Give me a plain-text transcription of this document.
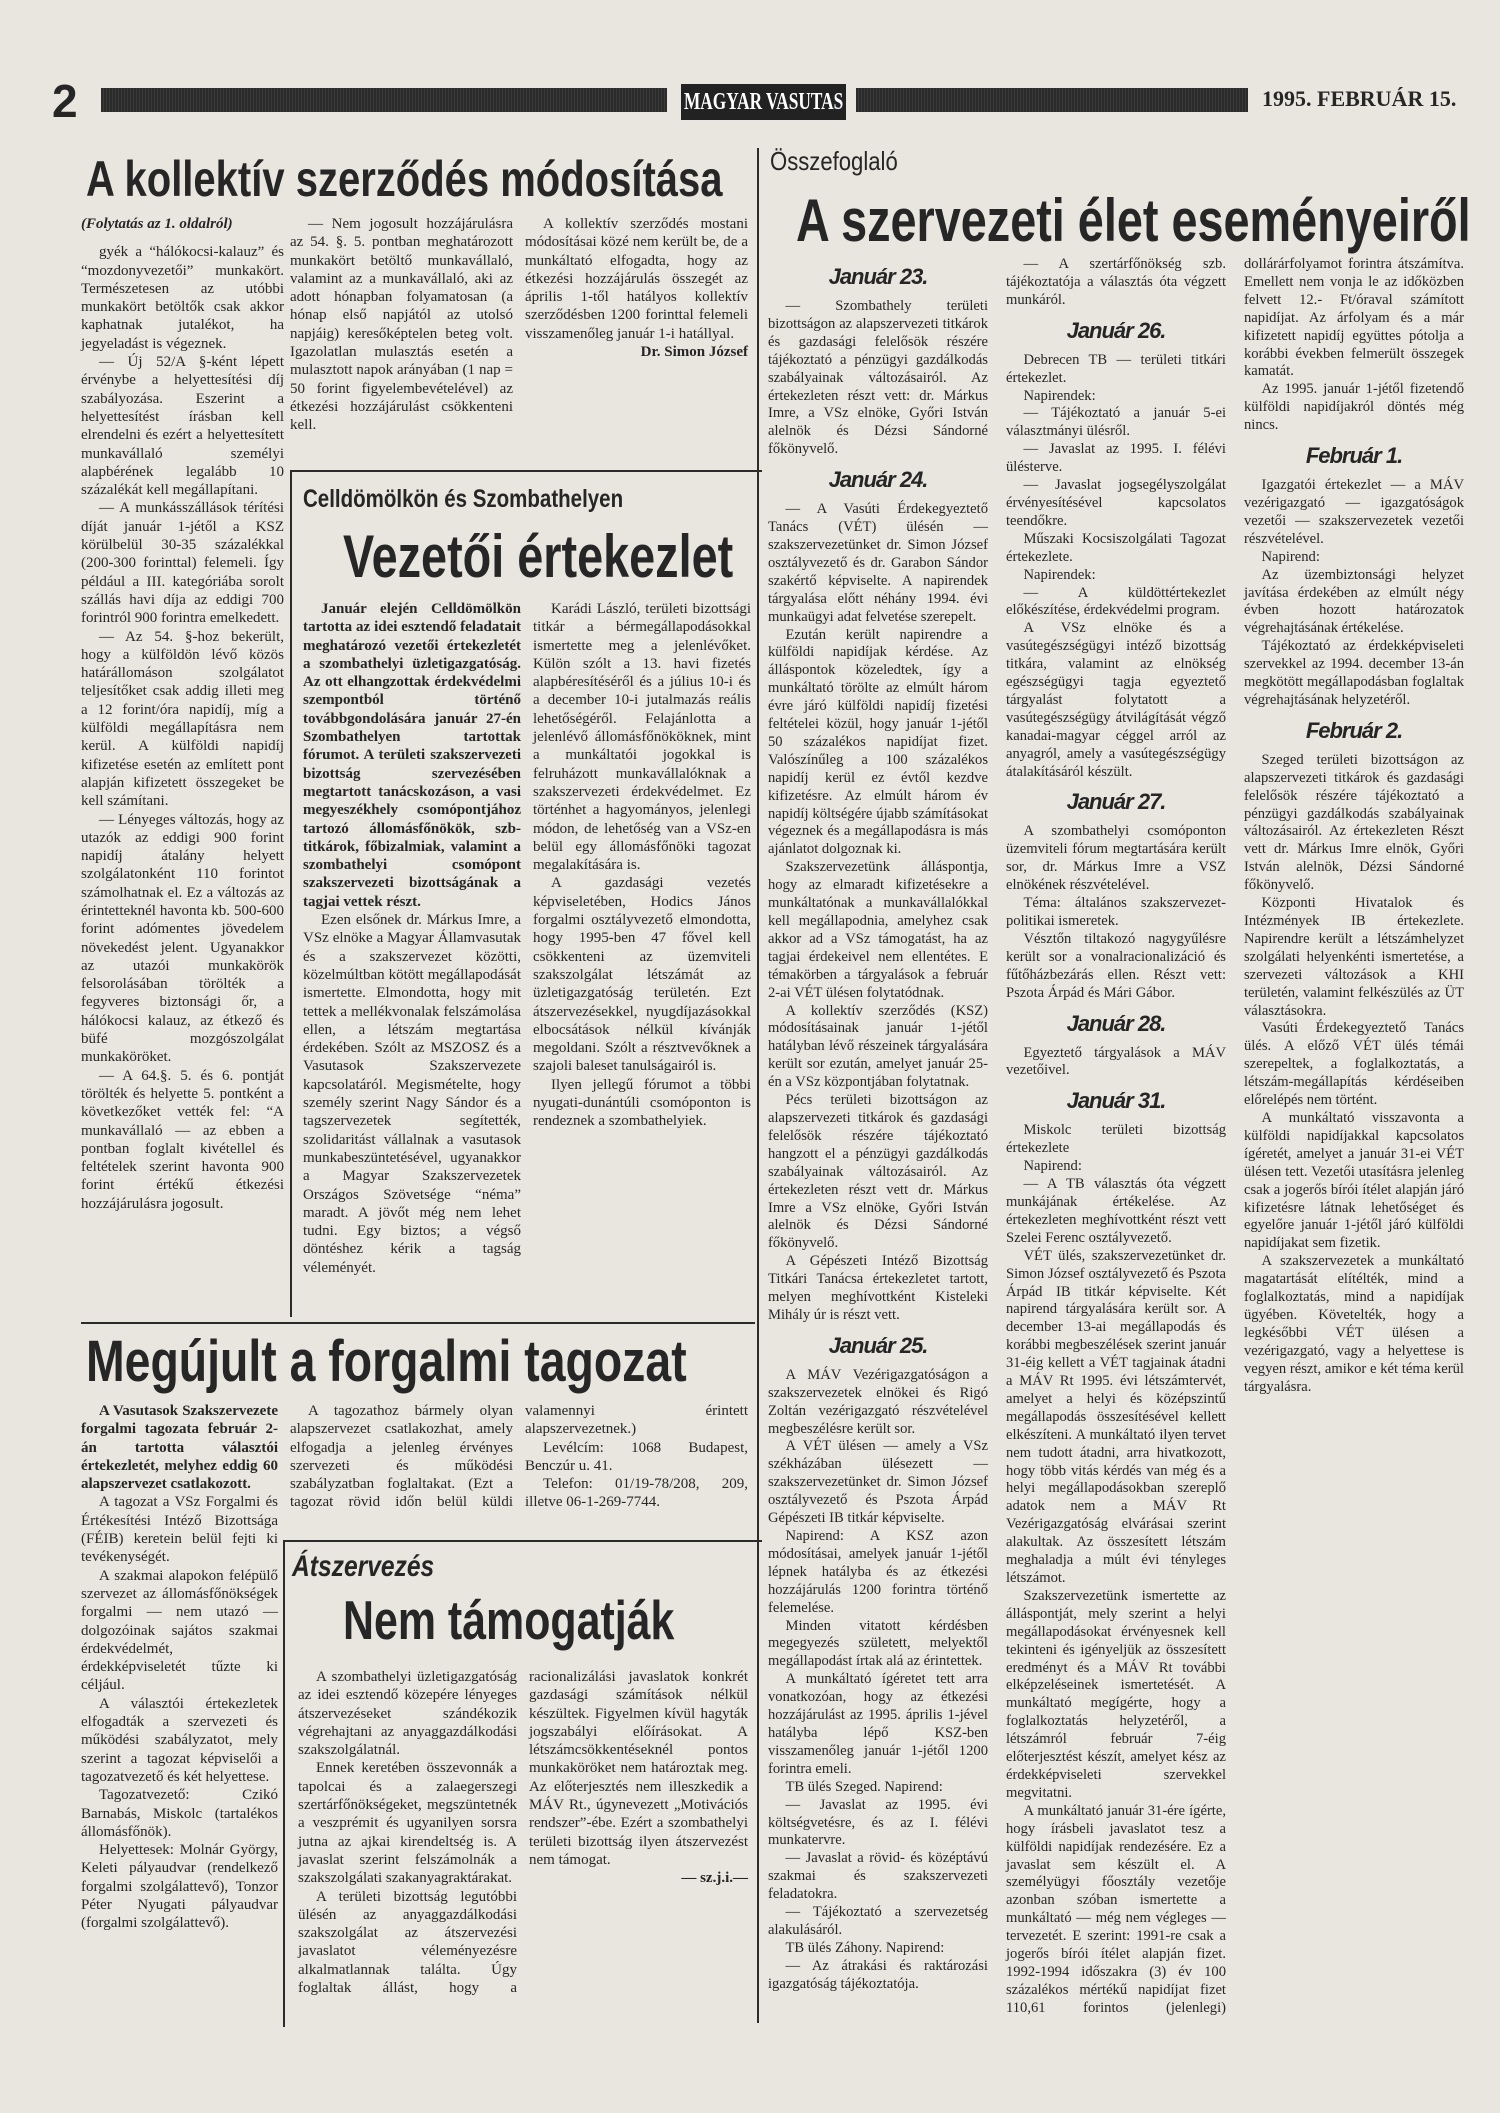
2	MAGYAR VASUTAS	1995. FEBRUÁR 15.
A kollektív szerződés módosítása

(Folytatás az 1. oldalról)

gyék a “hálókocsi-kalauz” és “mozdonyvezetői” munkakört. Természetesen az utóbbi munkakört betöltők csak akkor kaphatnak jutalékot, ha jegyeladást is végeznek.

— Új 52/A §-ként lépett érvénybe a helyettesítési díj szabályozása. Eszerint a helyettesítést írásban kell elrendelni és ezért a helyettesített munkavállaló személyi alapbérének legalább 10 százalékát kell megállapítani.

— A munkásszállások térítési díját január 1-jétől a KSZ körülbelül 30-35 százalékkal (200-300 forinttal) felemeli. Így például a III. kategóriába sorolt szállás havi díja az eddigi 700 forintról 900 forintra emelkedett.

— Az 54. §-hoz bekerült, hogy a külföldön lévő közös határállomáson szolgálatot teljesítőket csak addig illeti meg a 12 forint/óra napidíj, míg a külföldi megállapításra nem kerül. A külföldi napidíj kifizetése esetén az említett pont alapján kifizetett összegeket be kell számítani.

— Lényeges változás, hogy az utazók az eddigi 900 forint napidíj átalány helyett szolgálatonként 110 forintot számolhatnak el. Ez a változás az érintetteknél havonta kb. 500-600 forint adómentes jövedelem növekedést jelent. Ugyanakkor az utazói munkakörök felsorolásában törölték a fegyveres biztonsági őr, a hálókocsi kalauz, az étkező és büfé mozgószolgálat munkaköröket.

— A 64.§. 5. és 6. pontját törölték és helyette 5. pontként a következőket vették fel: “A munkavállaló — az ebben a pontban foglalt kivétellel és feltételek szerint havonta 900 forint értékű étkezési hozzájárulásra jogosult.

— Nem jogosult hozzájárulásra az 54. §. 5. pontban meghatározott munkakört betöltő munkavállaló, valamint az a munkavállaló, aki az adott hónapban folyamatosan (a hónap első napjától az utolsó napjáig) keresőképtelen beteg volt. Igazolatlan mulasztás esetén a mulasztott napok arányában (1 nap = 50 forint figyelembevételével) az étkezési hozzájárulást csökkenteni kell.

A kollektív szerződés mostani módosításai közé nem került be, de a munkáltató elfogadta, hogy az étkezési hozzájárulás összegét az április 1-től hatályos kollektív szerződésben 1200 forinttal felemeli visszamenőleg január 1-i hatállyal.

Dr. Simon József

Celldömölkön és Szombathelyen
Vezetői értekezlet

Január elején Celldömölkön tartotta az idei esztendő feladatait meghatározó vezetői értekezletét a szombathelyi üzletigazgatóság. Az ott elhangzottak érdekvédelmi szempontból történő továbbgondolására január 27-én Szombathelyen tartottak fórumot. A területi szakszervezeti bizottság szervezésében megtartott tanácskozáson, a vasi megyeszékhely csomópontjához tartozó állomásfőnökök, szb-titkárok, főbizalmiak, valamint a szombathelyi csomópont szakszervezeti bizottságának a tagjai vettek részt.

Ezen elsőnek dr. Márkus Imre, a VSz elnöke a Magyar Államvasutak és a szakszervezet közötti, közelmúltban kötött megállapodását ismertette. Elmondotta, hogy mit tettek a mellékvonalak felszámolása ellen, a létszám megtartása érdekében. Szólt az MSZOSZ és a Vasutasok Szakszervezete kapcsolatáról. Megismételte, hogy személy szerint Nagy Sándor és a tagszervezetek segítették, szolidaritást vállalnak a vasutasok munkabeszüntetésével, ugyanakkor a Magyar Szakszervezetek Országos Szövetsége “néma” maradt. A jövőt még nem lehet tudni. Egy biztos; a végső döntéshez kérik a tagság véleményét.

Karádi László, területi bizottsági titkár a bérmegállapodásokkal ismertette meg a jelenlévőket. Külön szólt a 13. havi fizetés alapbéresítéséről és a július 10-i és a december 10-i jutalmazás reális lehetőségéről. Felajánlotta a jelenlévő állomásfőnököknek, mint a munkáltatói jogokkal is felruházott munkavállalóknak a szakszervezeti érdekvédelmet. Ez történhet a hagyományos, jelenlegi módon, de lehetőség van a VSz-en belül egy állomásfőnöki tagozat megalakítására is.

A gazdasági vezetés képviseletében, Hodics János forgalmi osztályvezető elmondotta, hogy 1995-ben 47 fővel kell csökkenteni az üzemviteli szakszolgálat létszámát az üzletigazgatóság területén. Ezt átszervezésekkel, nyugdíjazásokkal elbocsátások nélkül kívánják megoldani. Szólt a résztvevőknek a szajoli baleset tanulságairól is.

Ilyen jellegű fórumot a többi nyugati-dunántúli csomóponton is rendeznek a szombathelyiek.

Megújult a forgalmi tagozat

A Vasutasok Szakszervezete forgalmi tagozata február 2-án tartotta választói értekezletét, melyhez eddig 60 alapszervezet csatlakozott.

A tagozat a VSz Forgalmi és Értékesítési Intéző Bizottsága (FÉIB) keretein belül fejti ki tevékenységét.

A szakmai alapokon felépülő szervezet az állomásfőnökségek forgalmi — nem utazó — dolgozóinak sajátos szakmai érdekvédelmét, érdekképviseletét tűzte ki céljául.

A választói értekezletek elfogadták a szervezeti és működési szabályzatot, mely szerint a tagozat képviselői a tagozatvezető és két helyettese.

Tagozatvezető: Czikó Barnabás, Miskolc (tartalékos állomásfőnök).

Helyettesek: Molnár György, Keleti pályaudvar (rendelkező forgalmi szolgálattevő), Tonzor Péter Nyugati pályaudvar (forgalmi szolgálattevő).

A tagozathoz bármely olyan alapszervezet csatlakozhat, amely elfogadja a jelenleg érvényes szervezeti és működési szabályzatban foglaltakat. (Ezt a tagozat rövid időn belül küldi valamennyi érintett alapszervezetnek.)

Levélcím: 1068 Budapest, Benczúr u. 41.

Telefon: 01/19-78/208, 209, illetve 06-1-269-7744.

Átszervezés
Nem támogatják

A szombathelyi üzletigazgatóság az idei esztendő közepére lényeges átszervezéseket szándékozik végrehajtani az anyaggazdálkodási szakszolgálatnál.

Ennek keretében összevonnák a tapolcai és a zalaegerszegi szertárfőnökségeket, megszüntetnék a veszprémit és ugyanilyen sorsra jutna az ajkai kirendeltség is. A javaslat szerint felszámolnák a szakszolgálati szakanyagraktárakat.

A területi bizottság legutóbbi ülésén az anyaggazdálkodási szakszolgálat az átszervezési javaslatot véleményezésre alkalmatlannak találta. Úgy foglaltak állást, hogy a racionalizálási javaslatok konkrét gazdasági számítások nélkül készültek. Figyelmen kívül hagyták jogszabályi előírásokat. A létszámcsökkentéseknél pontos munkaköröket nem határoztak meg. Az előterjesztés nem illeszkedik a MÁV Rt., úgynevezett „Motivációs rendszer”-ébe. Ezért a szombathelyi területi bizottság ilyen átszervezést nem támogat.

— sz.j.i.—

Összefoglaló
A szervezeti élet eseményeiről
Január 23.

— Szombathely területi bizottságon az alapszervezeti titkárok és gazdasági felelősök részére tájékoztató a pénzügyi gazdálkodás szabályainak változásairól. Az értekezleten részt vett: dr. Márkus Imre, a VSz elnöke, Győri István alelnök és Dézsi Sándorné főkönyvelő.

Január 24.

— A Vasúti Érdekegyeztető Tanács (VÉT) ülésén — szakszervezetünket dr. Simon József osztályvezető és dr. Garabon Sándor szakértő képviselte. A napirendek tárgyalása előtt néhány 1994. évi munkaügyi adat felvetése szerepelt.

Ezután került napirendre a külföldi napidíjak kérdése. Az álláspontok közeledtek, így a munkáltató törölte az elmúlt három évre járó külföldi napidíj fizetési feltételei közül, hogy január 1-jétől 50 százalékos napidíjat fizet. Valószínűleg a 100 százalékos napidíj kerül ez évtől kezdve kifizetésre. Az elmúlt három év napidíj költségére újabb számításokat végeznek és a megállapodásra is más ajánlatot dolgoznak ki.

Szakszervezetünk álláspontja, hogy az elmaradt kifizetésekre a munkáltatónak a munkavállalókkal kell megállapodnia, amelyhez csak akkor ad a VSz támogatást, ha az tagjai érdekeivel nem ellentétes. E témakörben a tárgyalások a február 2-ai VÉT ülésen folytatódnak.

A kollektív szerződés (KSZ) módosításainak január 1-jétől hatályban lévő részeinek tárgyalására került sor ezután, amelyet január 25-én a VSz központjában folytatnak.

Pécs területi bizottságon az alapszervezeti titkárok és gazdasági felelősök részére tájékoztató hangzott el a pénzügyi gazdálkodás szabályainak változásairól. Az értekezleten részt vett dr. Márkus Imre a VSz elnöke, Győri István alelnök és Dézsi Sándorné főkönyvelő.

A Gépészeti Intéző Bizottság Titkári Tanácsa értekezletet tartott, melyen meghívottként Kisteleki Mihály úr is részt vett.

Január 25.

A MÁV Vezérigazgatóságon a szakszervezetek elnökei és Rigó Zoltán vezérigazgató részvételével megbeszélésre került sor.

A VÉT ülésen — amely a VSz székházában ülésezett — szakszervezetünket dr. Simon József osztályvezető és Pszota Árpád Gépészeti IB titkár képviselte.

Napirend: A KSZ azon módosításai, amelyek január 1-jétől lépnek hatályba és az étkezési hozzájárulás 1200 forintra történő felemelése.

Minden vitatott kérdésben megegyezés született, melyektől megállapodást írtak alá az érintettek.

A munkáltató ígéretet tett arra vonatkozóan, hogy az étkezési hozzájárulást az 1995. április 1-jével hatályba lépő KSZ-ben visszamenőleg január 1-jétől 1200 forintra emeli.

TB ülés Szeged. Napirend:

— Javaslat az 1995. évi költségvetésre, és az I. félévi munkatervre.

— Javaslat a rövid- és középtávú szakmai és szakszervezeti feladatokra.

— Tájékoztató a szervezetség alakulásáról.

TB ülés Záhony. Napirend:

— Az átrakási és raktározási igazgatóság tájékoztatója.

— A szertárfőnökség szb. tájékoztatója a választás óta végzett munkáról.

Január 26.

Debrecen TB — területi titkári értekezlet.

Napirendek:

— Tájékoztató a január 5-ei választmányi ülésről.

— Javaslat az 1995. I. félévi ülésterve.

— Javaslat jogsegélyszolgálat érvényesítésével kapcsolatos teendőkre.

Műszaki Kocsiszolgálati Tagozat értekezlete.

Napirendek:

— A küldöttértekezlet előkészítése, érdekvédelmi program.

A VSz elnöke és a vasútegészségügyi intéző bizottság titkára, valamint az elnökség egészségügyi tagja egyeztető tárgyalást folytatott a vasútegészségügy átvilágítását végző kanadai-magyar céggel arról az anyagról, amely a vasútegészségügy átalakításáról készült.

Január 27.

A szombathelyi csomóponton üzemviteli fórum megtartására került sor, dr. Márkus Imre a VSZ elnökének részvételével.

Téma: általános szakszervezet-politikai ismeretek.

Vésztőn tiltakozó nagygyűlésre került sor a vonalracionalizáció és fűtőházbezárás ellen. Részt vett: Pszota Árpád és Mári Gábor.

Január 28.

Egyeztető tárgyalások a MÁV vezetőivel.

Január 31.

Miskolc területi bizottság értekezlete

Napirend:

— A TB választás óta végzett munkájának értékelése. Az értekezleten meghívottként részt vett Szelei Ferenc osztályvezető.

VÉT ülés, szakszervezetünket dr. Simon József osztályvezető és Pszota Árpád IB titkár képviselte. Két napirend tárgyalására került sor. A december 13-ai megállapodás és korábbi megbeszélések szerint január 31-éig kellett a VÉT tagjainak átadni a MÁV Rt 1995. évi létszámtervét, amelyet a helyi és középszintű megállapodás összesítésével kellett elkészíteni. A munkáltató ilyen tervet nem tudott átadni, arra hivatkozott, hogy több vitás kérdés van még és a helyi megállapodásokban szereplő adatok nem a MÁV Rt Vezérigazgatóság elvárásai szerint alakultak. Az összesített létszám meghaladja a múlt évi tényleges létszámot.

Szakszervezetünk ismertette az álláspontját, mely szerint a helyi megállapodásokat érvényesnek kell tekinteni és igényeljük az összesített eredményt és a MÁV Rt további elképzeléseinek ismertetését. A munkáltató megígérte, hogy a foglalkoztatás helyzetéről, a létszámról február 7-éig előterjesztést készít, amelyet kész az érdekképviseleti szervekkel megvitatni.

A munkáltató január 31-ére ígérte, hogy írásbeli javaslatot tesz a külföldi napidíjak rendezésére. Ez a javaslat sem készült el. A személyügyi főosztály vezetője azonban szóban ismertette a munkáltató — még nem végleges — tervezetét. E szerint: 1991-re csak a jogerős bírói ítélet alapján fizet. 1992-1994 időszakra (3) év 100 százalékos mértékű napidíjat fizet 110,61 forintos (jelenlegi) dollárárfolyamot forintra átszámítva. Emellett nem vonja le az időközben felvett 12.- Ft/óraval számított napidíjat. Az árfolyam és a már kifizetett napidíj együttes pótolja a korábbi években felmerült összegek kamatát.

Az 1995. január 1-jétől fizetendő külföldi napidíjakról döntés még nincs.

Február 1.

Igazgatói értekezlet — a MÁV vezérigazgató — igazgatóságok vezetői — szakszervezetek vezetői részvételével.

Napirend:

Az üzembiztonsági helyzet javítása érdekében az elmúlt négy évben hozott határozatok végrehajtásának értékelése.

Tájékoztató az érdekképviseleti szervekkel az 1994. december 13-án megkötött megállapodásban foglaltak végrehajtásának helyzetéről.

Február 2.

Szeged területi bizottságon az alapszervezeti titkárok és gazdasági felelősök részére tájékoztató a pénzügyi gazdálkodás szabályainak változásairól. Az értekezleten Részt vett dr. Márkus Imre elnök, Győri István alelnök, Dézsi Sándorné főkönyvelő.

Központi Hivatalok és Intézmények IB értekezlete. Napirendre került a létszámhelyzet szolgálati helyenkénti ismertetése, a szervezeti változások a KHI területén, valamint felkészülés az ÜT választásokra.

Vasúti Érdekegyeztető Tanács ülés. A előző VÉT ülés témái szerepeltek, a foglalkoztatás, a létszám-megállapítás kérdéseiben előrelépés nem történt.

A munkáltató visszavonta a külföldi napidíjakkal kapcsolatos ígéretét, amelyet a január 31-ei VÉT ülésen tett. Vezetői utasításra jelenleg csak a jogerős bírói ítélet alapján járó kifizetésre látnak lehetőséget és egyelőre január 1-jétől járó külföldi napidíjakat sem fizetik.

A szakszervezetek a munkáltató magatartását elítélték, mind a foglalkoztatás, mind a napidíjak ügyében. Követelték, hogy a legkésőbbi VÉT ülésen a vezérigazgató, vagy a helyettese is vegyen részt, amikor e két téma kerül tárgyalásra.
